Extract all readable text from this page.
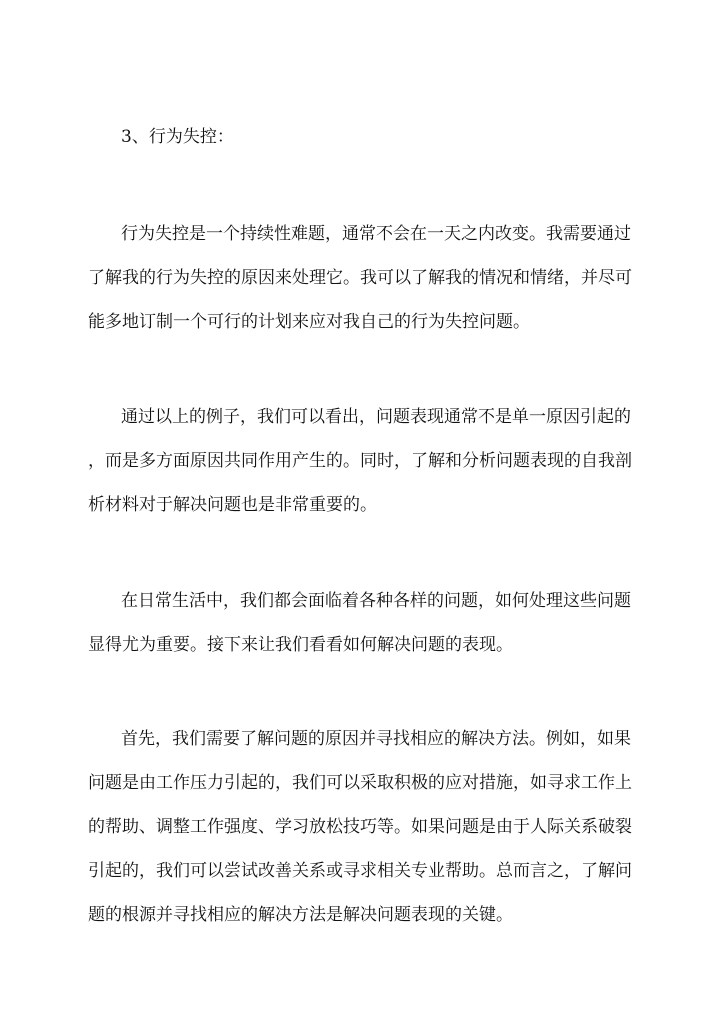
3、行为失控：
行为失控是一个持续性难题，通常不会在一天之内改变。我需要通过
了解我的行为失控的原因来处理它。我可以了解我的情况和情绪，并尽可
能多地订制一个可行的计划来应对我自己的行为失控问题。
通过以上的例子，我们可以看出，问题表现通常不是单一原因引起的
，而是多方面原因共同作用产生的。同时，了解和分析问题表现的自我剖
析材料对于解决问题也是非常重要的。
在日常生活中，我们都会面临着各种各样的问题，如何处理这些问题
显得尤为重要。接下来让我们看看如何解决问题的表现。
首先，我们需要了解问题的原因并寻找相应的解决方法。例如，如果
问题是由工作压力引起的，我们可以采取积极的应对措施，如寻求工作上
的帮助、调整工作强度、学习放松技巧等。如果问题是由于人际关系破裂
引起的，我们可以尝试改善关系或寻求相关专业帮助。总而言之，了解问
题的根源并寻找相应的解决方法是解决问题表现的关键。
